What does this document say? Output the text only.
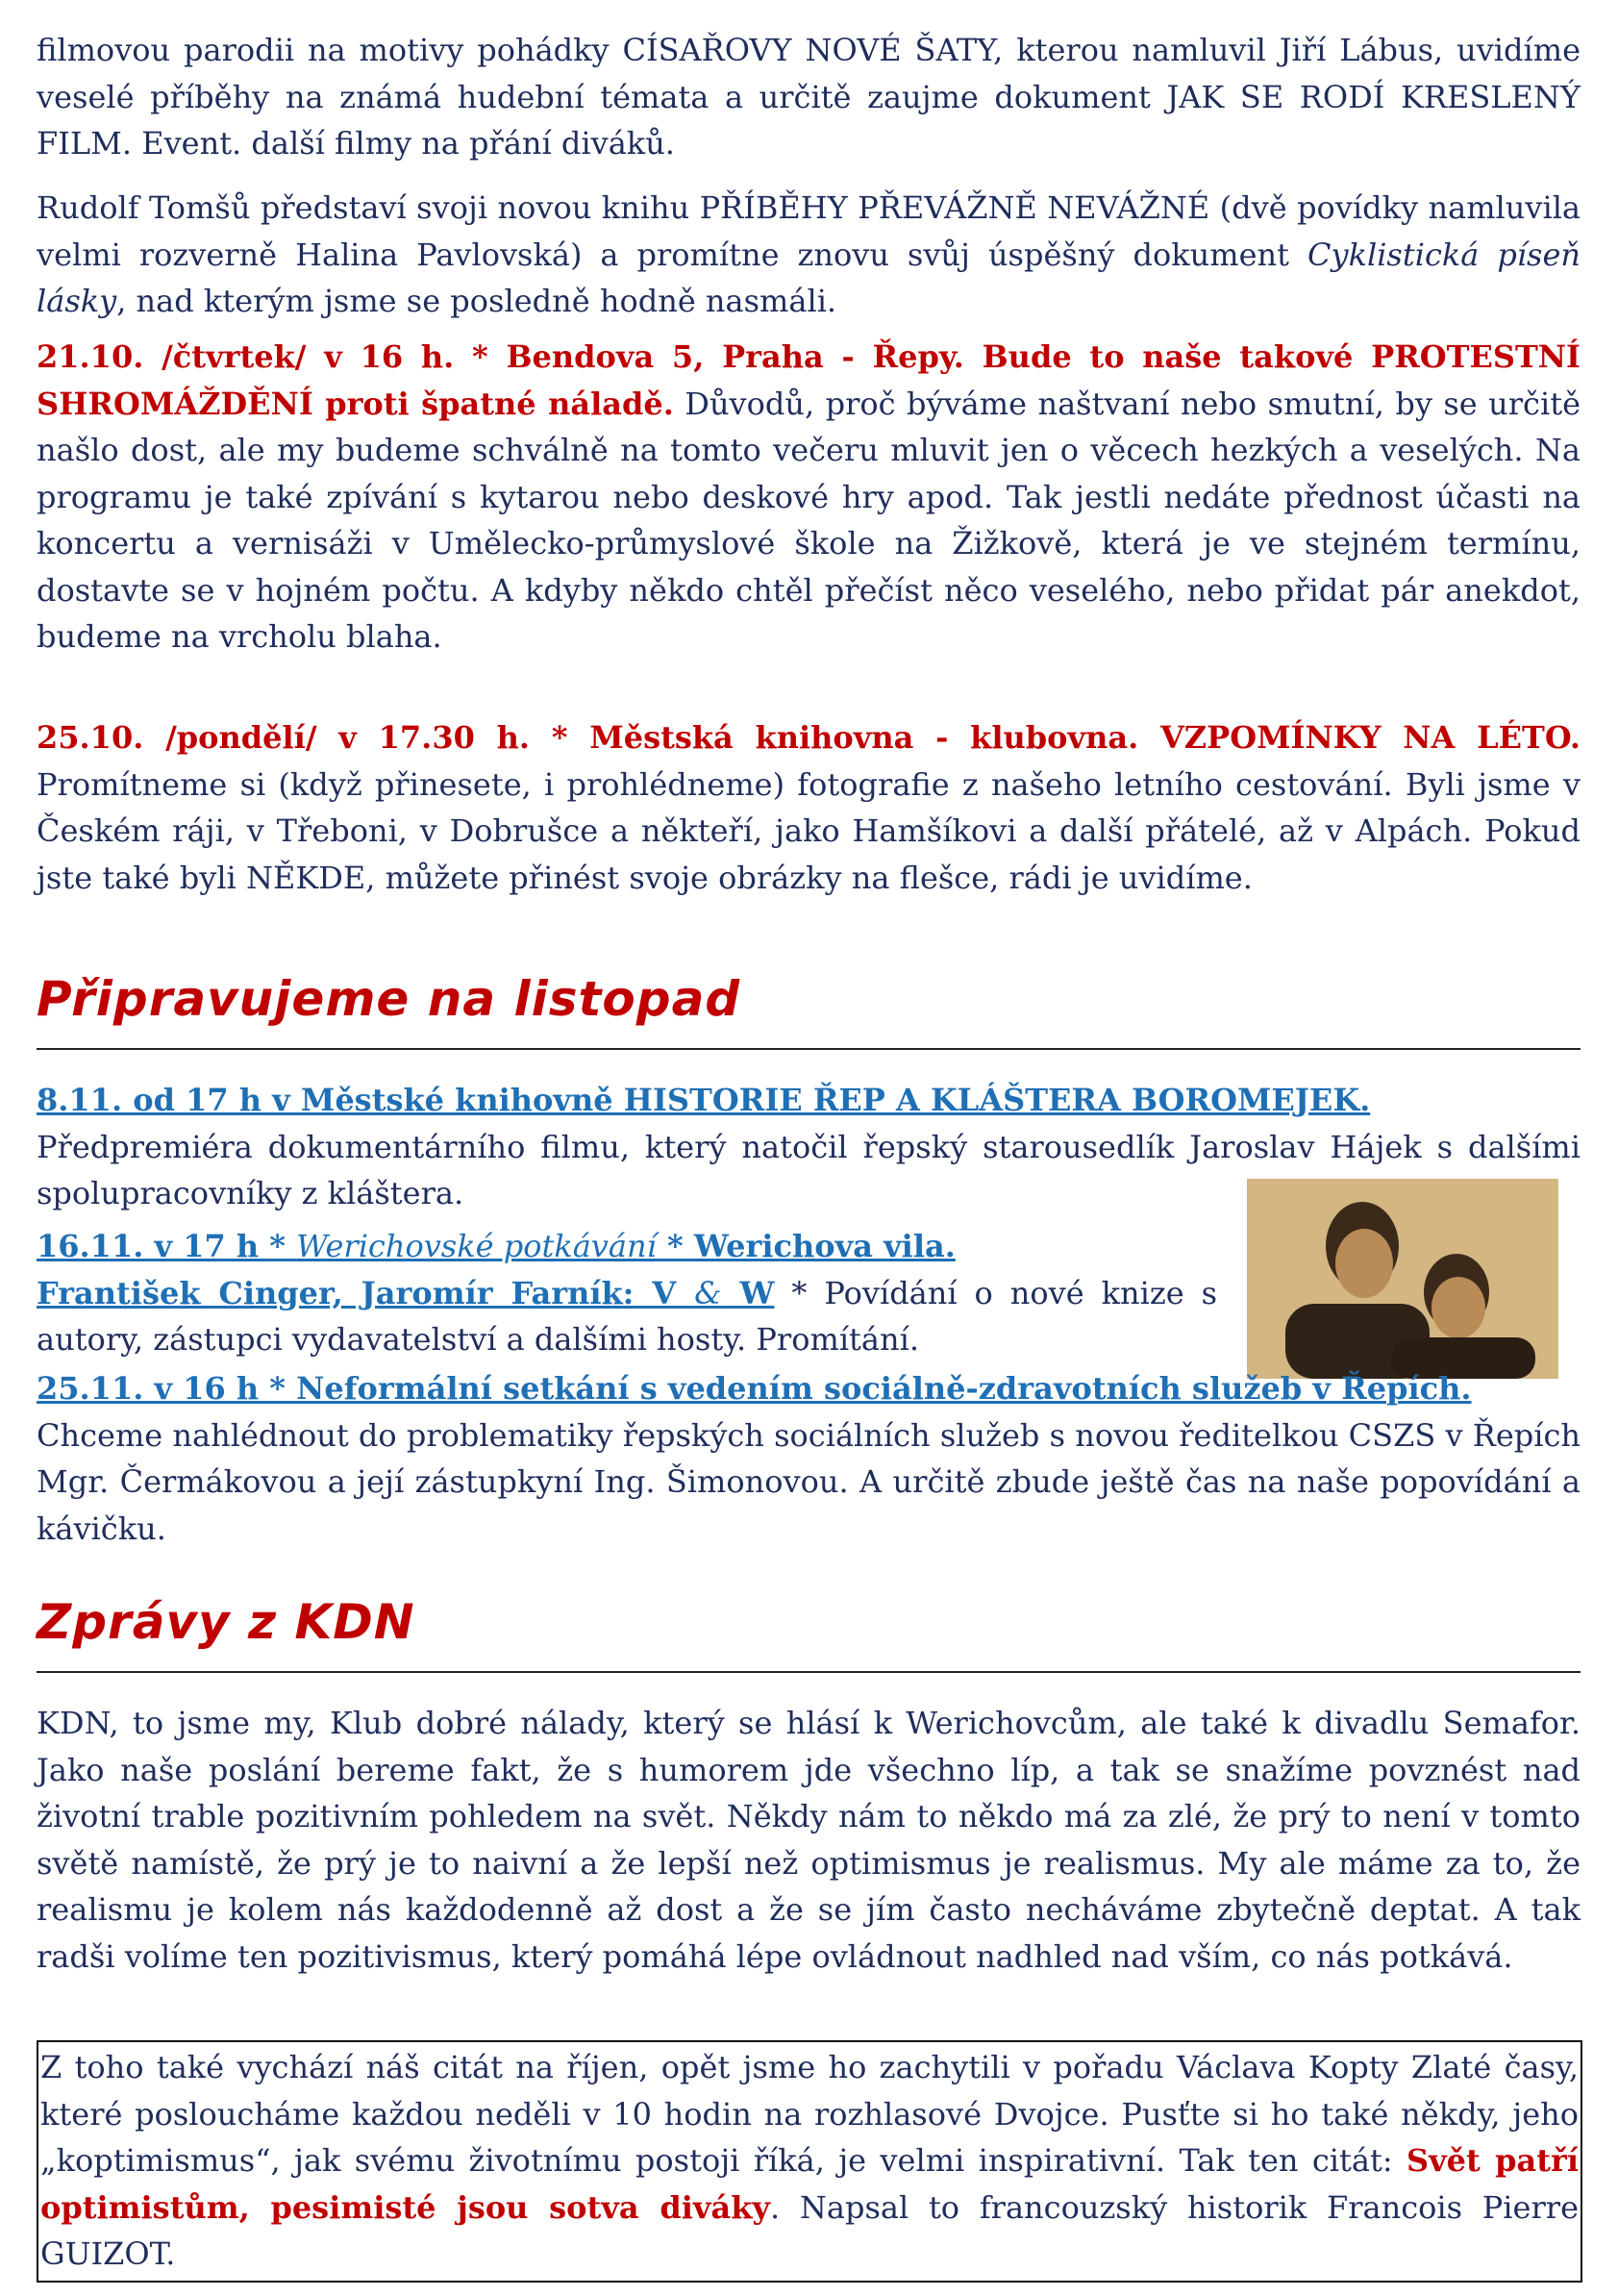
filmovou parodii na motivy pohádky CÍSAŘOVY NOVÉ ŠATY, kterou namluvil Jiří Lábus, uvidíme veselé příběhy na známá hudební témata a určitě zaujme dokument JAK SE RODÍ KRESLENÝ FILM. Event. další filmy na přání diváků.

Rudolf Tomšů představí svoji novou knihu PŘÍBĚHY PŘEVÁŽNĚ NEVÁŽNÉ (dvě povídky namluvila velmi rozverně Halina Pavlovská) a promítne znovu svůj úspěšný dokument Cyklistická píseň lásky, nad kterým jsme se posledně hodně nasmáli.

21.10. /čtvrtek/ v 16 h. * Bendova 5, Praha - Řepy. Bude to naše takové PROTESTNÍ SHROMÁŽDĚNÍ proti špatné náladě. Důvodů, proč býváme naštvaní nebo smutní, by se určitě našlo dost, ale my budeme schválně na tomto večeru mluvit jen o věcech hezkých a veselých. Na programu je také zpívání s kytarou nebo deskové hry apod. Tak jestli nedáte přednost účasti na koncertu a vernisáži v Umělecko-průmyslové škole na Žižkově, která je ve stejném termínu, dostavte se v hojném počtu. A kdyby někdo chtěl přečíst něco veselého, nebo přidat pár anekdot, budeme na vrcholu blaha.

25.10. /pondělí/ v 17.30 h. * Městská knihovna - klubovna. VZPOMÍNKY NA LÉTO. Promítneme si (když přinesete, i prohlédneme) fotografie z našeho letního cestování. Byli jsme v Českém ráji, v Třeboni, v Dobrušce a někteří, jako Hamšíkovi a další přátelé, až v Alpách. Pokud jste také byli NĚKDE, můžete přinést svoje obrázky na flešce, rádi je uvidíme.

Připravujeme na listopad

8.11. od 17 h v Městské knihovně HISTORIE ŘEP A KLÁŠTERA BOROMEJEK.
Předpremiéra dokumentárního filmu, který natočil řepský starousedlík Jaroslav Hájek s dalšími spolupracovníky z kláštera.

16.11. v 17 h * Werichovské potkávání * Werichova vila.
František Cinger, Jaromír Farník: V & W * Povídání o nové knize s autory, zástupci vydavatelství a dalšími hosty. Promítání.

25.11. v 16 h * Neformální setkání s vedením sociálně-zdravotních služeb v Řepích.
Chceme nahlédnout do problematiky řepských sociálních služeb s novou ředitelkou CSZS v Řepích Mgr. Čermákovou a její zástupkyní Ing. Šimonovou. A určitě zbude ještě čas na naše popovídání a kávičku.

Zprávy z KDN

KDN, to jsme my, Klub dobré nálady, který se hlásí k Werichovcům, ale také k divadlu Semafor. Jako naše poslání bereme fakt, že s humorem jde všechno líp, a tak se snažíme povznést nad životní trable pozitivním pohledem na svět. Někdy nám to někdo má za zlé, že prý to není v tomto světě namístě, že prý je to naivní a že lepší než optimismus je realismus. My ale máme za to, že realismu je kolem nás každodenně až dost a že se jím často necháváme zbytečně deptat. A tak radši volíme ten pozitivismus, který pomáhá lépe ovládnout nadhled nad vším, co nás potkává.

Z toho také vychází náš citát na říjen, opět jsme ho zachytili v pořadu Václava Kopty Zlaté časy, které posloucháme každou neděli v 10 hodin na rozhlasové Dvojce. Pusťte si ho také někdy, jeho „koptimismus“, jak svému životnímu postoji říká, je velmi inspirativní. Tak ten citát: Svět patří optimistům, pesimisté jsou sotva diváky. Napsal to francouzský historik Francois Pierre GUIZOT.
